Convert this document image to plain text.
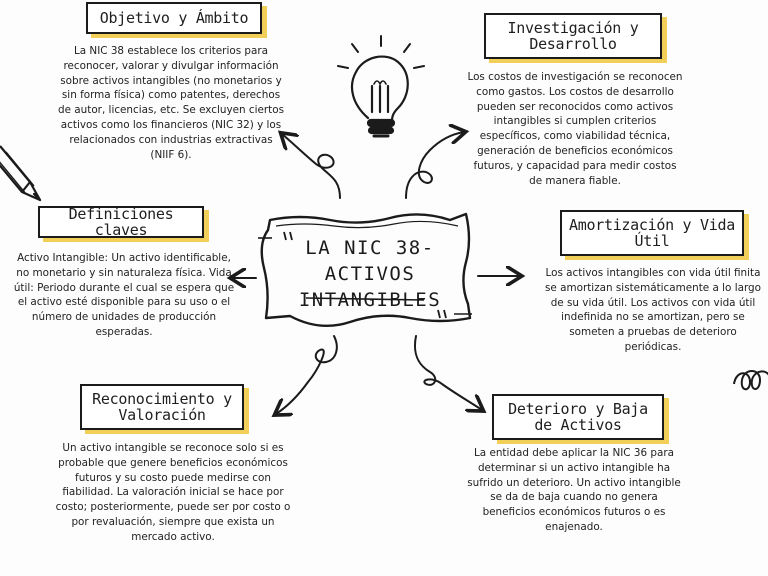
LA NIC 38-
ACTIVOS
INTANGIBLES
Objetivo y Ámbito
La NIC 38 establece los criterios para reconocer, valorar y divulgar información sobre activos intangibles (no monetarios y sin forma física) como patentes, derechos de autor, licencias, etc. Se excluyen ciertos activos como los financieros (NIC 32) y los relacionados con industrias extractivas (NIIF 6).
Investigación y Desarrollo
Los costos de investigación se reconocen como gastos. Los costos de desarrollo pueden ser reconocidos como activos intangibles si cumplen criterios específicos, como viabilidad técnica, generación de beneficios económicos futuros, y capacidad para medir costos de manera fiable.
Definiciones claves
Activo Intangible: Un activo identificable, no monetario y sin naturaleza física. Vida útil: Periodo durante el cual se espera que el activo esté disponible para su uso o el número de unidades de producción esperadas.
Amortización y Vida Útil
Los activos intangibles con vida útil finita se amortizan sistemáticamente a lo largo de su vida útil. Los activos con vida útil indefinida no se amortizan, pero se someten a pruebas de deterioro periódicas.
Reconocimiento y Valoración
Un activo intangible se reconoce solo si es probable que genere beneficios económicos futuros y su costo puede medirse con fiabilidad. La valoración inicial se hace por costo; posteriormente, puede ser por costo o por revaluación, siempre que exista un mercado activo.
Deterioro y Baja de Activos
La entidad debe aplicar la NIC 36 para determinar si un activo intangible ha sufrido un deterioro. Un activo intangible se da de baja cuando no genera beneficios económicos futuros o es enajenado.
